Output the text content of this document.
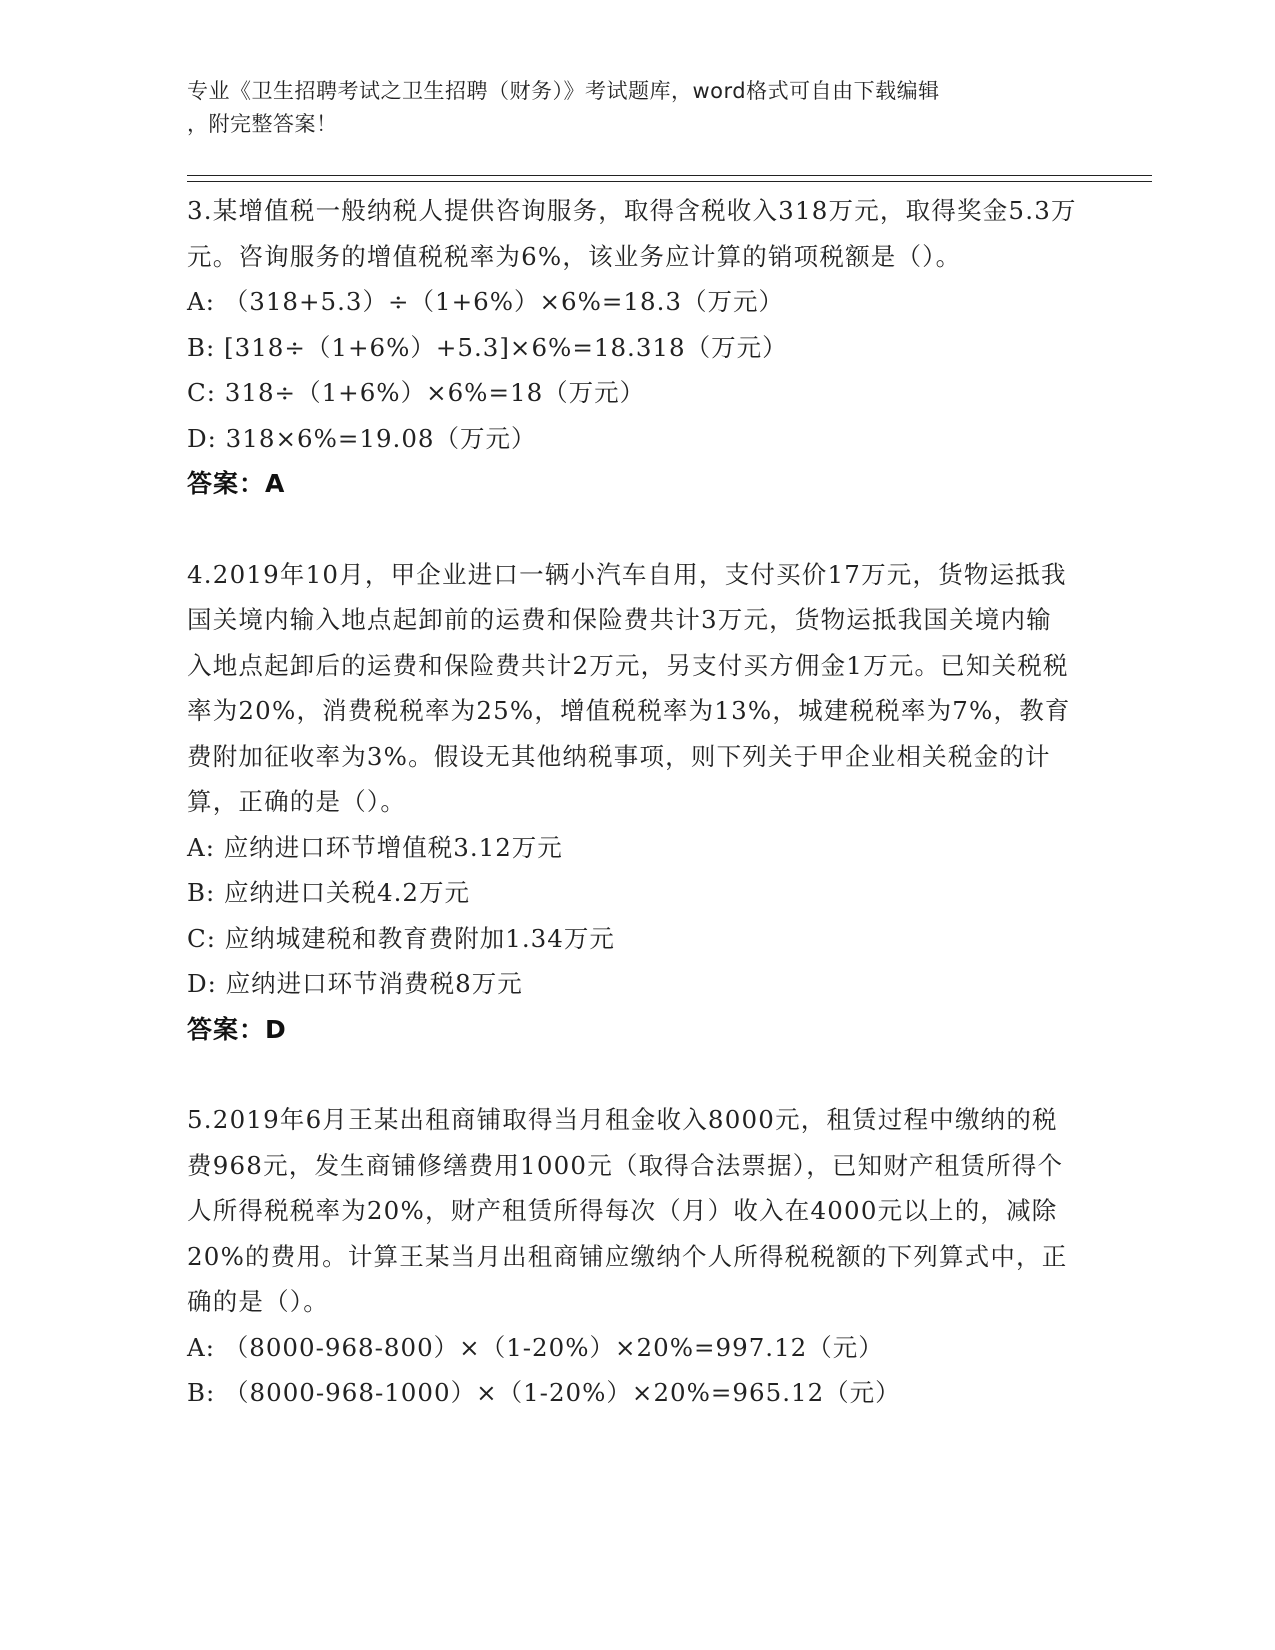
专业《卫生招聘考试之卫生招聘（财务）》考试题库，word格式可自由下载编辑
，附完整答案！
3.某增值税一般纳税人提供咨询服务，取得含税收入318万元，取得奖金5.3万元。咨询服务的增值税税率为6%，该业务应计算的销项税额是（）。
A: （318+5.3）÷（1+6%）×6%=18.3（万元）
B: [318÷（1+6%）+5.3]×6%=18.318（万元）
C: 318÷（1+6%）×6%=18（万元）
D: 318×6%=19.08（万元）
答案：A
4.2019年10月，甲企业进口一辆小汽车自用，支付买价17万元，货物运抵我国关境内输入地点起卸前的运费和保险费共计3万元，货物运抵我国关境内输入地点起卸后的运费和保险费共计2万元，另支付买方佣金1万元。已知关税税率为20%，消费税税率为25%，增值税税率为13%，城建税税率为7%，教育费附加征收率为3%。假设无其他纳税事项，则下列关于甲企业相关税金的计算，正确的是（）。
A: 应纳进口环节增值税3.12万元
B: 应纳进口关税4.2万元
C: 应纳城建税和教育费附加1.34万元
D: 应纳进口环节消费税8万元
答案：D
5.2019年6月王某出租商铺取得当月租金收入8000元，租赁过程中缴纳的税费968元，发生商铺修缮费用1000元（取得合法票据），已知财产租赁所得个人所得税税率为20%，财产租赁所得每次（月）收入在4000元以上的，减除20%的费用。计算王某当月出租商铺应缴纳个人所得税税额的下列算式中，正确的是（）。
A: （8000-968-800）×（1-20%）×20%=997.12（元）
B: （8000-968-1000）×（1-20%）×20%=965.12（元）
